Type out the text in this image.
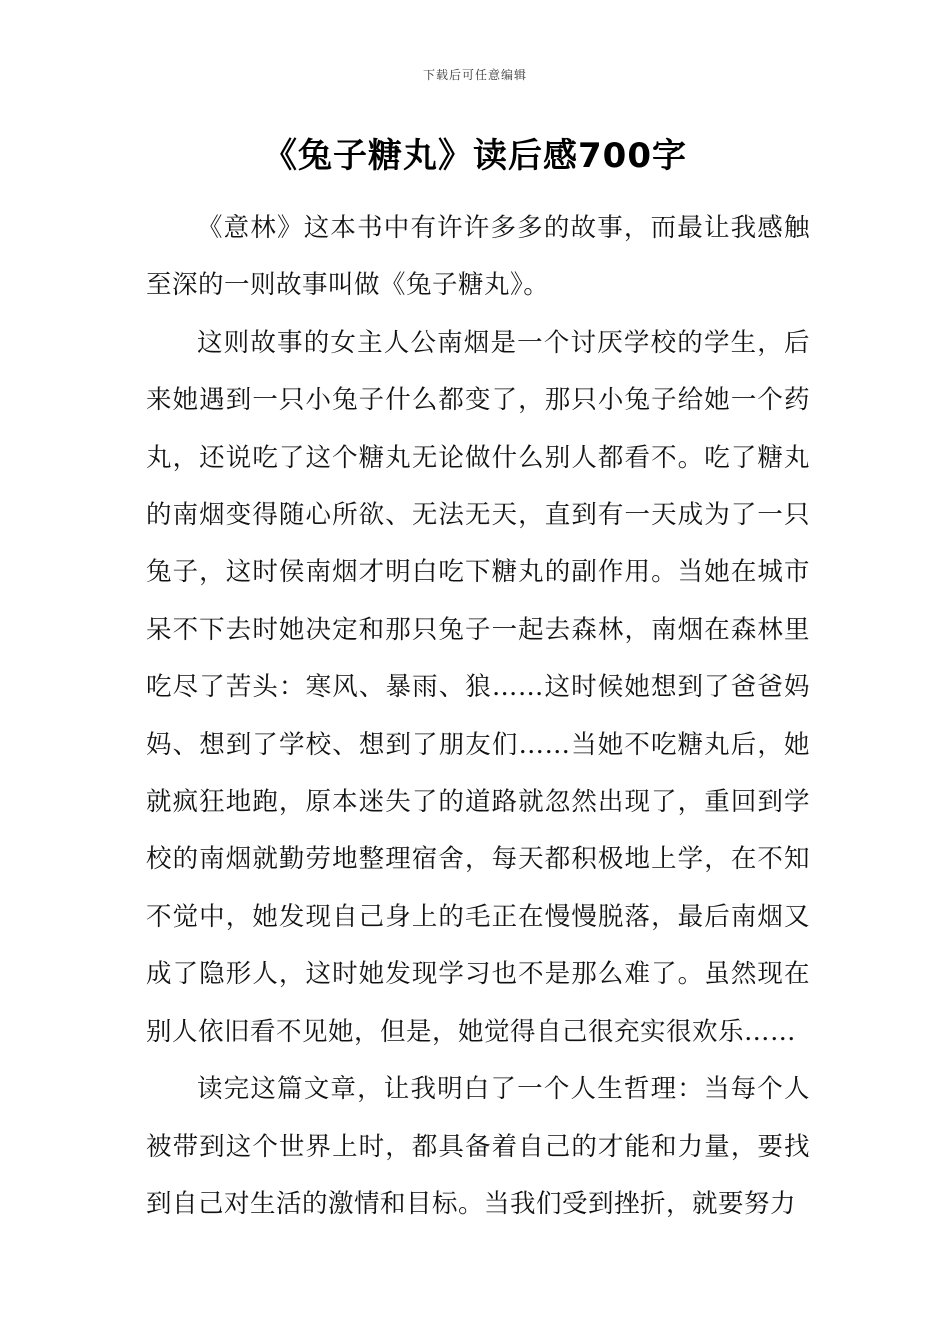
下载后可任意编辑
《兔子糖丸》读后感700字

《意林》这本书中有许许多多的故事，而最让我感触至深的一则故事叫做《兔子糖丸》。

这则故事的女主人公南烟是一个讨厌学校的学生，后来她遇到一只小兔子什么都变了，那只小兔子给她一个药丸，还说吃了这个糖丸无论做什么别人都看不。吃了糖丸的南烟变得随心所欲、无法无天，直到有一天成为了一只兔子，这时侯南烟才明白吃下糖丸的副作用。当她在城市呆不下去时她决定和那只兔子一起去森林，南烟在森林里吃尽了苦头：寒风、暴雨、狼……这时候她想到了爸爸妈妈、想到了学校、想到了朋友们……当她不吃糖丸后，她就疯狂地跑，原本迷失了的道路就忽然出现了，重回到学校的南烟就勤劳地整理宿舍，每天都积极地上学，在不知不觉中，她发现自己身上的毛正在慢慢脱落，最后南烟又成了隐形人，这时她发现学习也不是那么难了。虽然现在别人依旧看不见她，但是，她觉得自己很充实很欢乐……

读完这篇文章，让我明白了一个人生哲理：当每个人被带到这个世界上时，都具备着自己的才能和力量，要找到自己对生活的激情和目标。当我们受到挫折，就要努力
